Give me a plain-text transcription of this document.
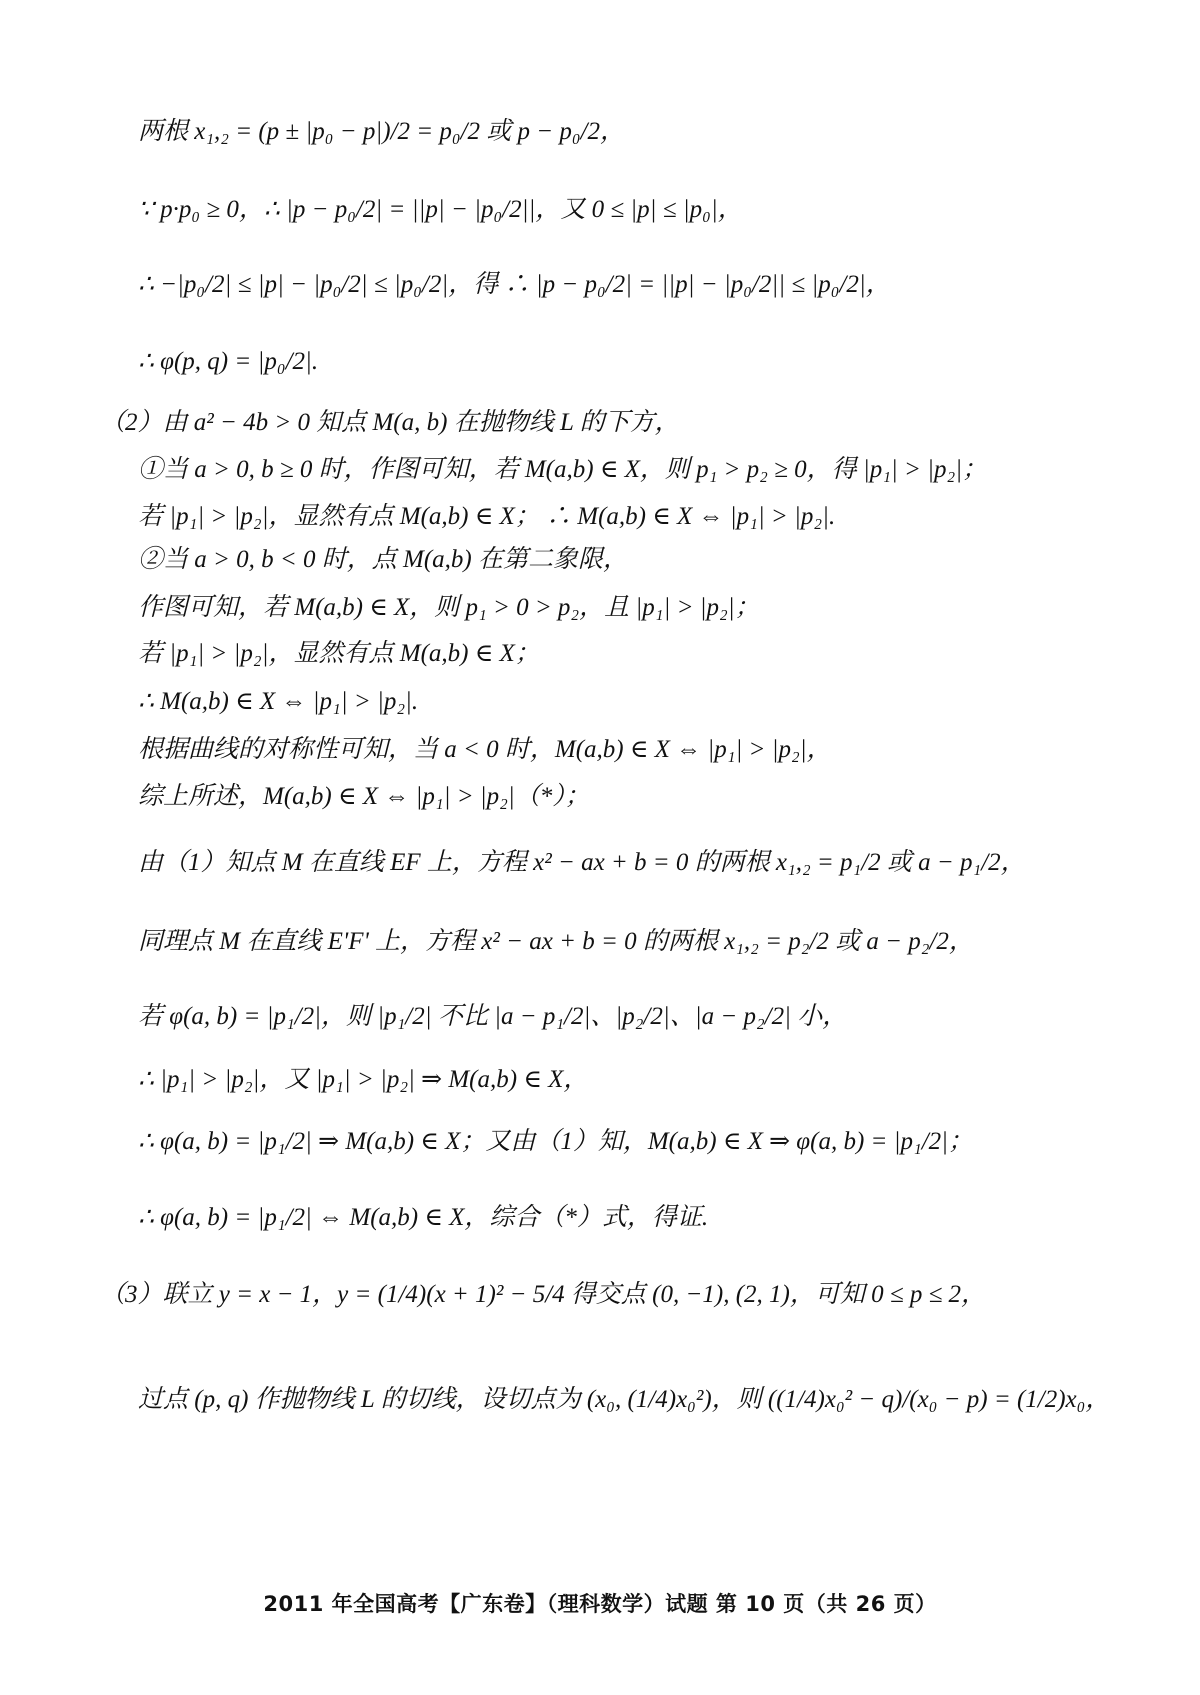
两根 x₁,₂ = (p ± |p₀ − p|)/2 = p₀/2 或 p − p₀/2，
∵ p·p₀ ≥ 0，∴ |p − p₀/2| = ||p| − |p₀/2||，又 0 ≤ |p| ≤ |p₀|，
∴ −|p₀/2| ≤ |p| − |p₀/2| ≤ |p₀/2|，得 ∴ |p − p₀/2| = ||p| − |p₀/2|| ≤ |p₀/2|，
∴ φ(p, q) = |p₀/2|.
（2）由 a² − 4b > 0 知点 M(a, b) 在抛物线 L 的下方，
①当 a > 0, b ≥ 0 时，作图可知，若 M(a,b) ∈ X，则 p₁ > p₂ ≥ 0，得 |p₁| > |p₂|；
若 |p₁| > |p₂|，显然有点 M(a,b) ∈ X； ∴ M(a,b) ∈ X ⇔ |p₁| > |p₂|.
②当 a > 0, b < 0 时，点 M(a,b) 在第二象限，
作图可知，若 M(a,b) ∈ X，则 p₁ > 0 > p₂，且 |p₁| > |p₂|；
若 |p₁| > |p₂|，显然有点 M(a,b) ∈ X；
∴ M(a,b) ∈ X ⇔ |p₁| > |p₂|.
根据曲线的对称性可知，当 a < 0 时，M(a,b) ∈ X ⇔ |p₁| > |p₂|，
综上所述，M(a,b) ∈ X ⇔ |p₁| > |p₂|（*）；
由（1）知点 M 在直线 EF 上，方程 x² − ax + b = 0 的两根 x₁,₂ = p₁/2 或 a − p₁/2，
同理点 M 在直线 E'F' 上，方程 x² − ax + b = 0 的两根 x₁,₂ = p₂/2 或 a − p₂/2，
若 φ(a, b) = |p₁/2|，则 |p₁/2| 不比 |a − p₁/2|、|p₂/2|、|a − p₂/2| 小，
∴ |p₁| > |p₂|，又 |p₁| > |p₂| ⇒ M(a,b) ∈ X，
∴ φ(a, b) = |p₁/2| ⇒ M(a,b) ∈ X；又由（1）知，M(a,b) ∈ X ⇒ φ(a, b) = |p₁/2|；
∴ φ(a, b) = |p₁/2| ⇔ M(a,b) ∈ X，综合（*）式，得证.
（3）联立 y = x − 1，y = (1/4)(x + 1)² − 5/4 得交点 (0, −1), (2, 1)，可知 0 ≤ p ≤ 2，
过点 (p, q) 作抛物线 L 的切线，设切点为 (x₀, (1/4)x₀²)，则 ((1/4)x₀² − q)/(x₀ − p) = (1/2)x₀，
2011 年全国高考【广东卷】（理科数学）试题 第 10 页（共 26 页）
